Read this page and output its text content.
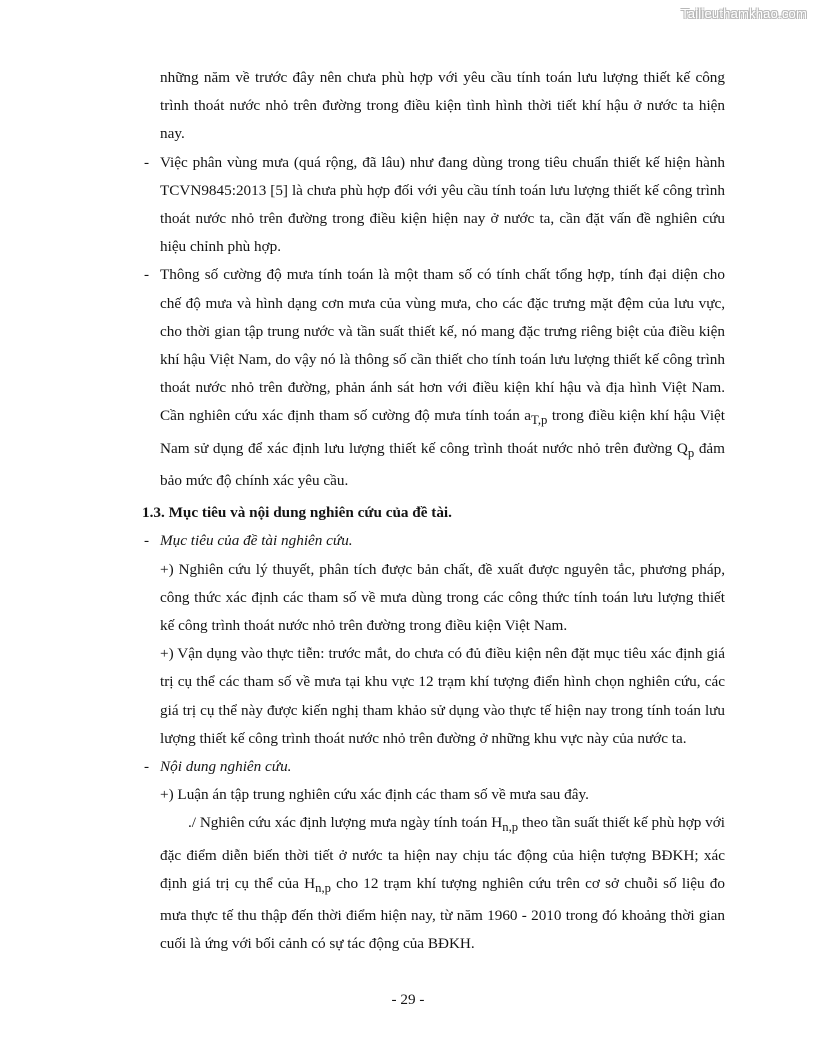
Tailieuthamkhao.com

những năm về trước đây nên chưa phù hợp với yêu cầu tính toán lưu lượng thiết kế công trình thoát nước nhỏ trên đường trong điều kiện tình hình thời tiết khí hậu ở nước ta hiện nay.

- Việc phân vùng mưa (quá rộng, đã lâu) như đang dùng trong tiêu chuẩn thiết kế hiện hành TCVN9845:2013 [5] là chưa phù hợp đối với yêu cầu tính toán lưu lượng thiết kế công trình thoát nước nhỏ trên đường trong điều kiện hiện nay ở nước ta, cần đặt vấn đề nghiên cứu hiệu chỉnh phù hợp.

- Thông số cường độ mưa tính toán là một tham số có tính chất tổng hợp, tính đại diện cho chế độ mưa và hình dạng cơn mưa của vùng mưa, cho các đặc trưng mặt đệm của lưu vực, cho thời gian tập trung nước và tần suất thiết kế, nó mang đặc trưng riêng biệt của điều kiện khí hậu Việt Nam, do vậy nó là thông số cần thiết cho tính toán lưu lượng thiết kế công trình thoát nước nhỏ trên đường, phản ánh sát hơn với điều kiện khí hậu và địa hình Việt Nam. Cần nghiên cứu xác định tham số cường độ mưa tính toán $a_{T,p}$ trong điều kiện khí hậu Việt Nam sử dụng để xác định lưu lượng thiết kế công trình thoát nước nhỏ trên đường $Q_p$ đảm bảo mức độ chính xác yêu cầu.

1.3. Mục tiêu và nội dung nghiên cứu của đề tài.

- Mục tiêu của đề tài nghiên cứu.

+) Nghiên cứu lý thuyết, phân tích được bản chất, đề xuất được nguyên tắc, phương pháp, công thức xác định các tham số về mưa dùng trong các công thức tính toán lưu lượng thiết kế công trình thoát nước nhỏ trên đường trong điều kiện Việt Nam.

+) Vận dụng vào thực tiễn: trước mắt, do chưa có đủ điều kiện nên đặt mục tiêu xác định giá trị cụ thể các tham số về mưa tại khu vực 12 trạm khí tượng điển hình chọn nghiên cứu, các giá trị cụ thể này được kiến nghị tham khảo sử dụng vào thực tế hiện nay trong tính toán lưu lượng thiết kế công trình thoát nước nhỏ trên đường ở những khu vực này của nước ta.

- Nội dung nghiên cứu.

+) Luận án tập trung nghiên cứu xác định các tham số về mưa sau đây.

./ Nghiên cứu xác định lượng mưa ngày tính toán $H_{n,p}$ theo tần suất thiết kế phù hợp với đặc điểm diễn biến thời tiết ở nước ta hiện nay chịu tác động của hiện tượng BĐKH; xác định giá trị cụ thể của $H_{n,p}$ cho 12 trạm khí tượng nghiên cứu trên cơ sở chuỗi số liệu đo mưa thực tế thu thập đến thời điểm hiện nay, từ năm 1960 - 2010 trong đó khoảng thời gian cuối là ứng với bối cảnh có sự tác động của BĐKH.

- 29 -
